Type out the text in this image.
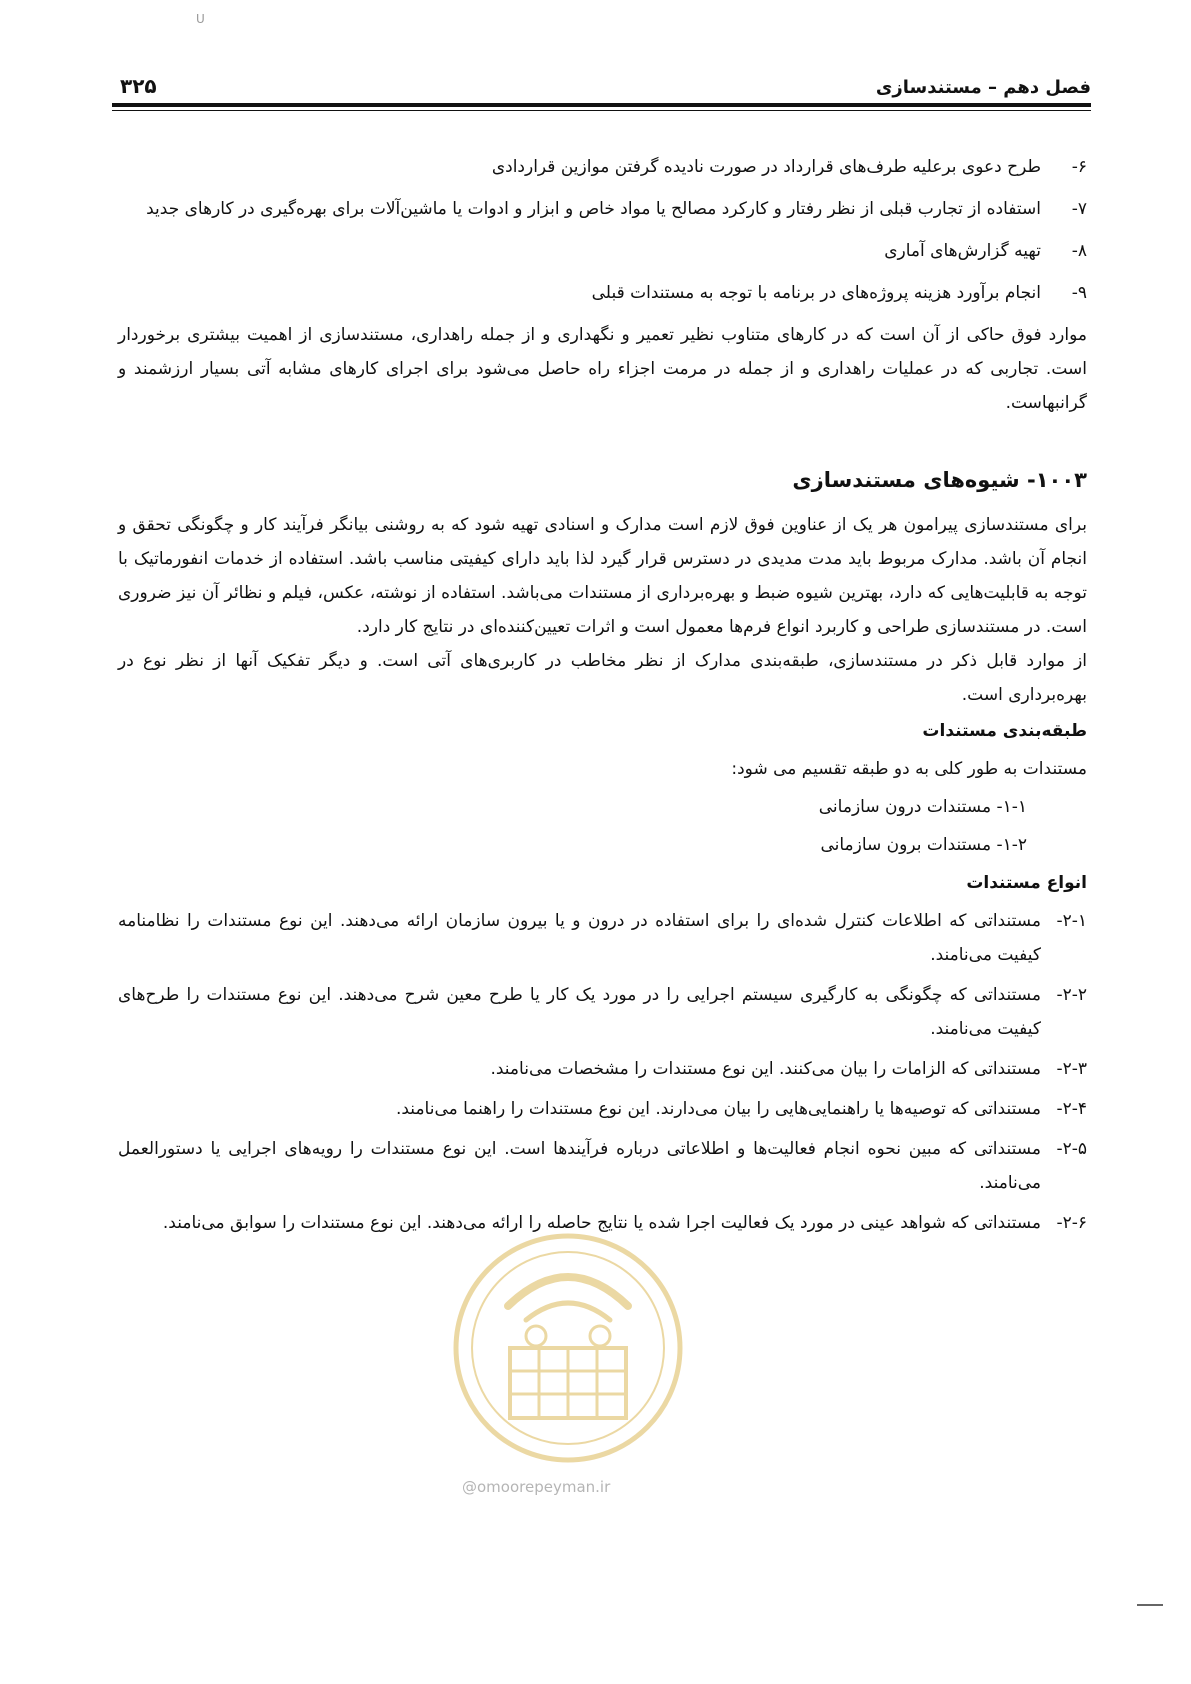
U
فصل دهم – مستندسازی
۳۲۵
۶-
طرح دعوی برعلیه طرف‌های قرارداد در صورت نادیده گرفتن موازین قراردادی
۷-
استفاده از تجارب قبلی از نظر رفتار و کارکرد مصالح یا مواد خاص و ابزار و ادوات یا ماشین‌آلات برای بهره‌گیری در کارهای جدید
۸-
تهیه گزارش‌های آماری
۹-
انجام برآورد هزینه پروژه‌های در برنامه با توجه به مستندات قبلی

موارد فوق حاکی از آن است که در کارهای متناوب نظیر تعمیر و نگهداری و از جمله راهداری، مستندسازی از اهمیت بیشتری برخوردار است. تجاربی که در عملیات راهداری و از جمله در مرمت اجزاء راه حاصل می‌شود برای اجرای کارهای مشابه آتی بسیار ارزشمند و گرانبهاست.

۱۰۰۳- شیوه‌های مستندسازی

برای مستندسازی پیرامون هر یک از عناوین فوق لازم است مدارک و اسنادی تهیه شود که به روشنی بیانگر فرآیند کار و چگونگی تحقق و انجام آن باشد. مدارک مربوط باید مدت مدیدی در دسترس قرار گیرد لذا باید دارای کیفیتی مناسب باشد. استفاده از خدمات انفورماتیک با توجه به قابلیت‌هایی که دارد، بهترین شیوه ضبط و بهره‌برداری از مستندات می‌باشد. استفاده از نوشته، عکس، فیلم و نظائر آن نیز ضروری است. در مستندسازی طراحی و کاربرد انواع فرم‌ها معمول است و اثرات تعیین‌کننده‌ای در نتایج کار دارد.

از موارد قابل ذکر در مستندسازی، طبقه‌بندی مدارک از نظر مخاطب در کاربری‌های آتی است. و دیگر تفکیک آنها از نظر نوع در بهره‌برداری است.

طبقه‌بندی مستندات

مستندات به طور کلی به دو طبقه تقسیم می شود:

۱-۱- مستندات درون سازمانی
۱-۲- مستندات برون سازمانی
انواع مستندات
۲-۱-
مستنداتی که اطلاعات کنترل شده‌ای را برای استفاده در درون و یا بیرون سازمان ارائه می‌دهند. این نوع مستندات را نظامنامه کیفیت می‌نامند.
۲-۲-
مستنداتی که چگونگی به کارگیری سیستم اجرایی را در مورد یک کار یا طرح معین شرح می‌دهند. این نوع مستندات را طرح‌های کیفیت می‌نامند.
۲-۳-
مستنداتی که الزامات را بیان می‌کنند. این نوع مستندات را مشخصات می‌نامند.
۲-۴-
مستنداتی که توصیه‌ها یا راهنمایی‌هایی را بیان می‌دارند. این نوع مستندات را راهنما می‌نامند.
۲-۵-
مستنداتی که مبین نحوه انجام فعالیت‌ها و اطلاعاتی درباره فرآیندها است. این نوع مستندات را رویه‌های اجرایی یا دستورالعمل می‌نامند.
۲-۶-
مستنداتی که شواهد عینی در مورد یک فعالیت اجرا شده یا نتایج حاصله را ارائه می‌دهند. این نوع مستندات را سوابق می‌نامند.
@omoorepeyman.ir
